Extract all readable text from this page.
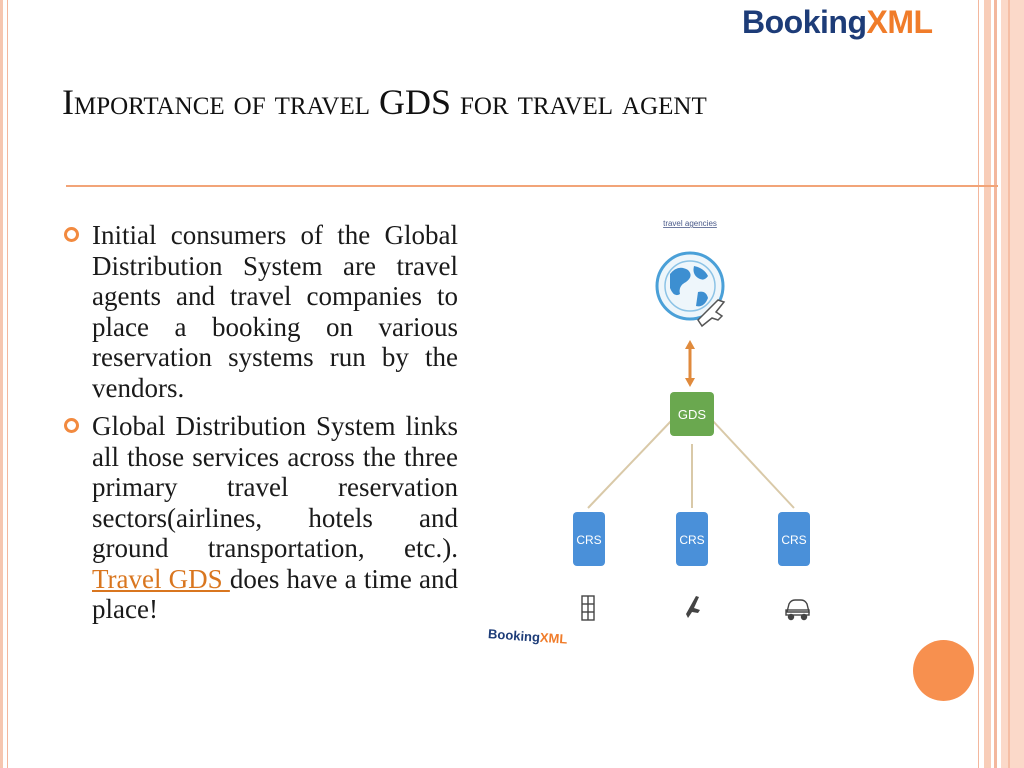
BookingXML
Importance of travel GDS for travel agent
Initial consumers of the Global Distribution System are travel agents and travel companies to place a booking on various reservation systems run by the vendors.
Global Distribution System links all those services across the three primary travel reservation sectors(airlines, hotels and ground transportation, etc.). Travel GDS does have a time and place!
travel agencies
GDS
CRS	CRS	CRS
BookingXML
